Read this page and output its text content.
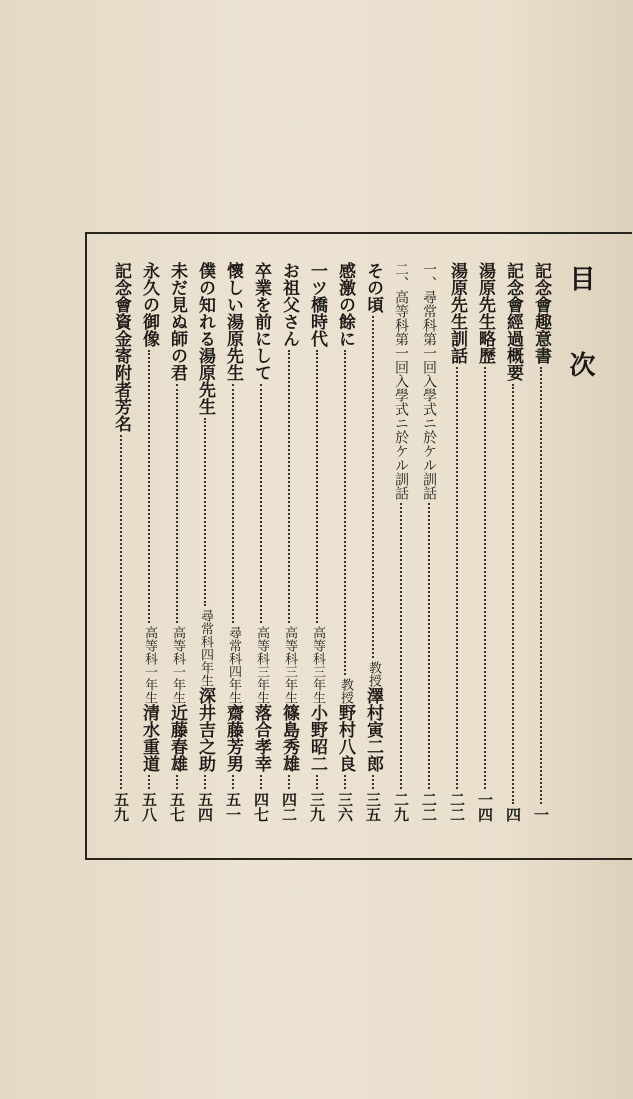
目次
記念會趣意書
一
記念會經過概要
四
湯原先生略歷
一四
湯原先生訓話
二二
一、尋常科第一回入學式ニ於ケル訓話
二二
二、高等科第一回入學式ニ於ケル訓話
二九
その頃
教授澤村寅二郎
三五
感激の餘に
教授野村八良
三六
一ツ橋時代
高等科三年生小野昭二
三九
お祖父さん
高等科三年生篠島秀雄
四二
卒業を前にして
高等科三年生落合孝幸
四七
懷しい湯原先生
尋常科四年生齋藤芳男
五一
僕の知れる湯原先生
尋常科四年生深井吉之助
五四
未だ見ぬ師の君
高等科一年生近藤春雄
五七
永久の御像
高等科一年生清水重道
五八
記念會資金寄附者芳名
五九
